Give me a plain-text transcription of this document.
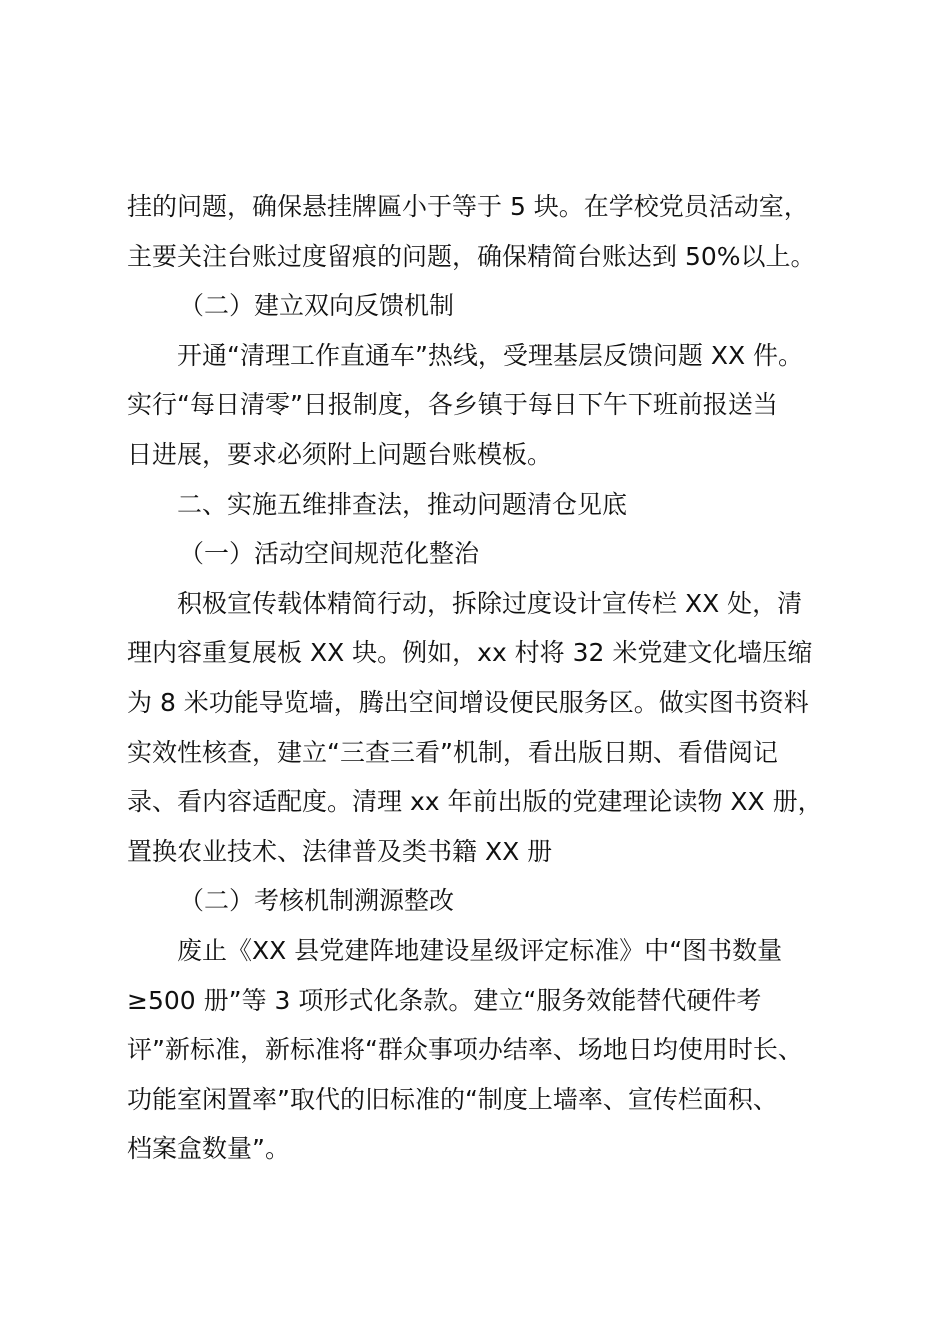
挂的问题，确保悬挂牌匾小于等于 5 块。在学校党员活动室，
主要关注台账过度留痕的问题，确保精简台账达到 50%以上。
（二）建立双向反馈机制
开通“清理工作直通车”热线，受理基层反馈问题 XX 件。
实行“每日清零”日报制度，各乡镇于每日下午下班前报送当
日进展，要求必须附上问题台账模板。
二、实施五维排查法，推动问题清仓见底
（一）活动空间规范化整治
积极宣传载体精简行动，拆除过度设计宣传栏 XX 处，清
理内容重复展板 XX 块。例如，xx 村将 32 米党建文化墙压缩
为 8 米功能导览墙，腾出空间增设便民服务区。做实图书资料
实效性核查，建立“三查三看”机制，看出版日期、看借阅记
录、看内容适配度。清理 xx 年前出版的党建理论读物 XX 册，
置换农业技术、法律普及类书籍 XX 册
（二）考核机制溯源整改
废止《XX 县党建阵地建设星级评定标准》中“图书数量
≥500 册”等 3 项形式化条款。建立“服务效能替代硬件考
评”新标准，新标准将“群众事项办结率、场地日均使用时长、
功能室闲置率”取代的旧标准的“制度上墙率、宣传栏面积、
档案盒数量”。
